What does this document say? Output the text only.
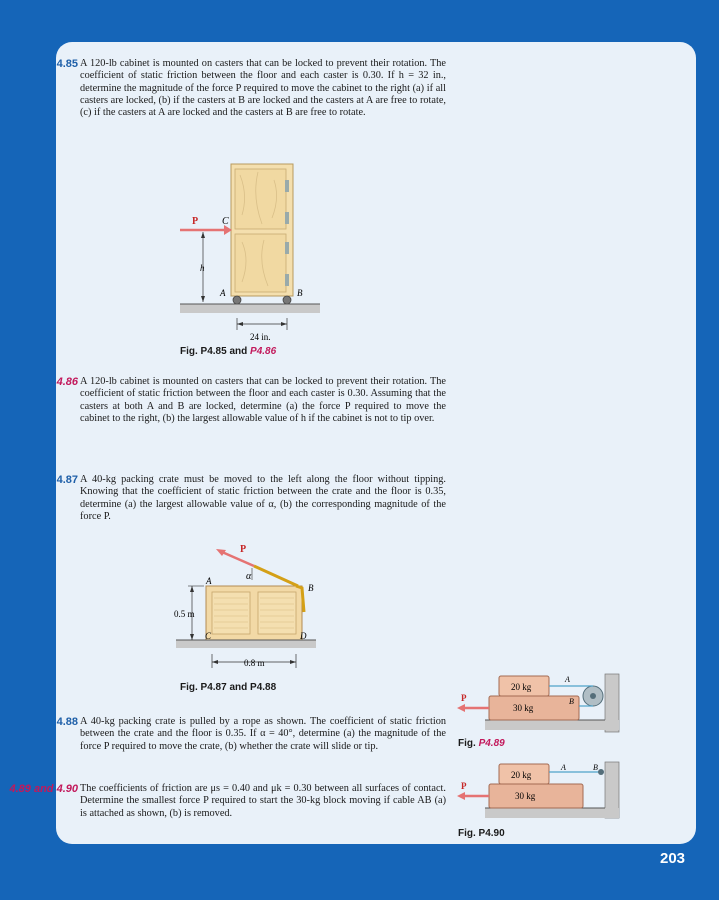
4.85 A 120-lb cabinet is mounted on casters that can be locked to prevent their rotation. The coefficient of static friction between the floor and each caster is 0.30. If h = 32 in., determine the magnitude of the force P required to move the cabinet to the right (a) if all casters are locked, (b) if the casters at B are locked and the casters at A are free to rotate, (c) if the casters at A are locked and the casters at B are free to rotate.
P C
h
A	B
24 in.
Fig. P4.85 and P4.86
4.86 A 120-lb cabinet is mounted on casters that can be locked to prevent their rotation. The coefficient of static friction between the floor and each caster is 0.30. Assuming that the casters at both A and B are locked, determine (a) the force P required to move the cabinet to the right, (b) the largest allowable value of h if the cabinet is not to tip over.
4.87 A 40-kg packing crate must be moved to the left along the floor without tipping. Knowing that the coefficient of static friction between the crate and the floor is 0.35, determine (a) the largest allowable value of α, (b) the corresponding magnitude of the force P.
P
α
A
B
C	D
0.5 m
0.8 m
Fig. P4.87 and P4.88
4.88 A 40-kg packing crate is pulled by a rope as shown. The coefficient of static friction between the crate and the floor is 0.35. If α = 40°, determine (a) the magnitude of the force P required to move the crate, (b) whether the crate will slide or tip.
4.89 and 4.90 The coefficients of friction are μs = 0.40 and μk = 0.30 between all surfaces of contact. Determine the smallest force P required to start the 30-kg block moving if cable AB (a) is attached as shown, (b) is removed.
20 kg
30 kg
A
B
P
Fig. P4.89
20 kg
30 kg
A	B
P
Fig. P4.90
203
